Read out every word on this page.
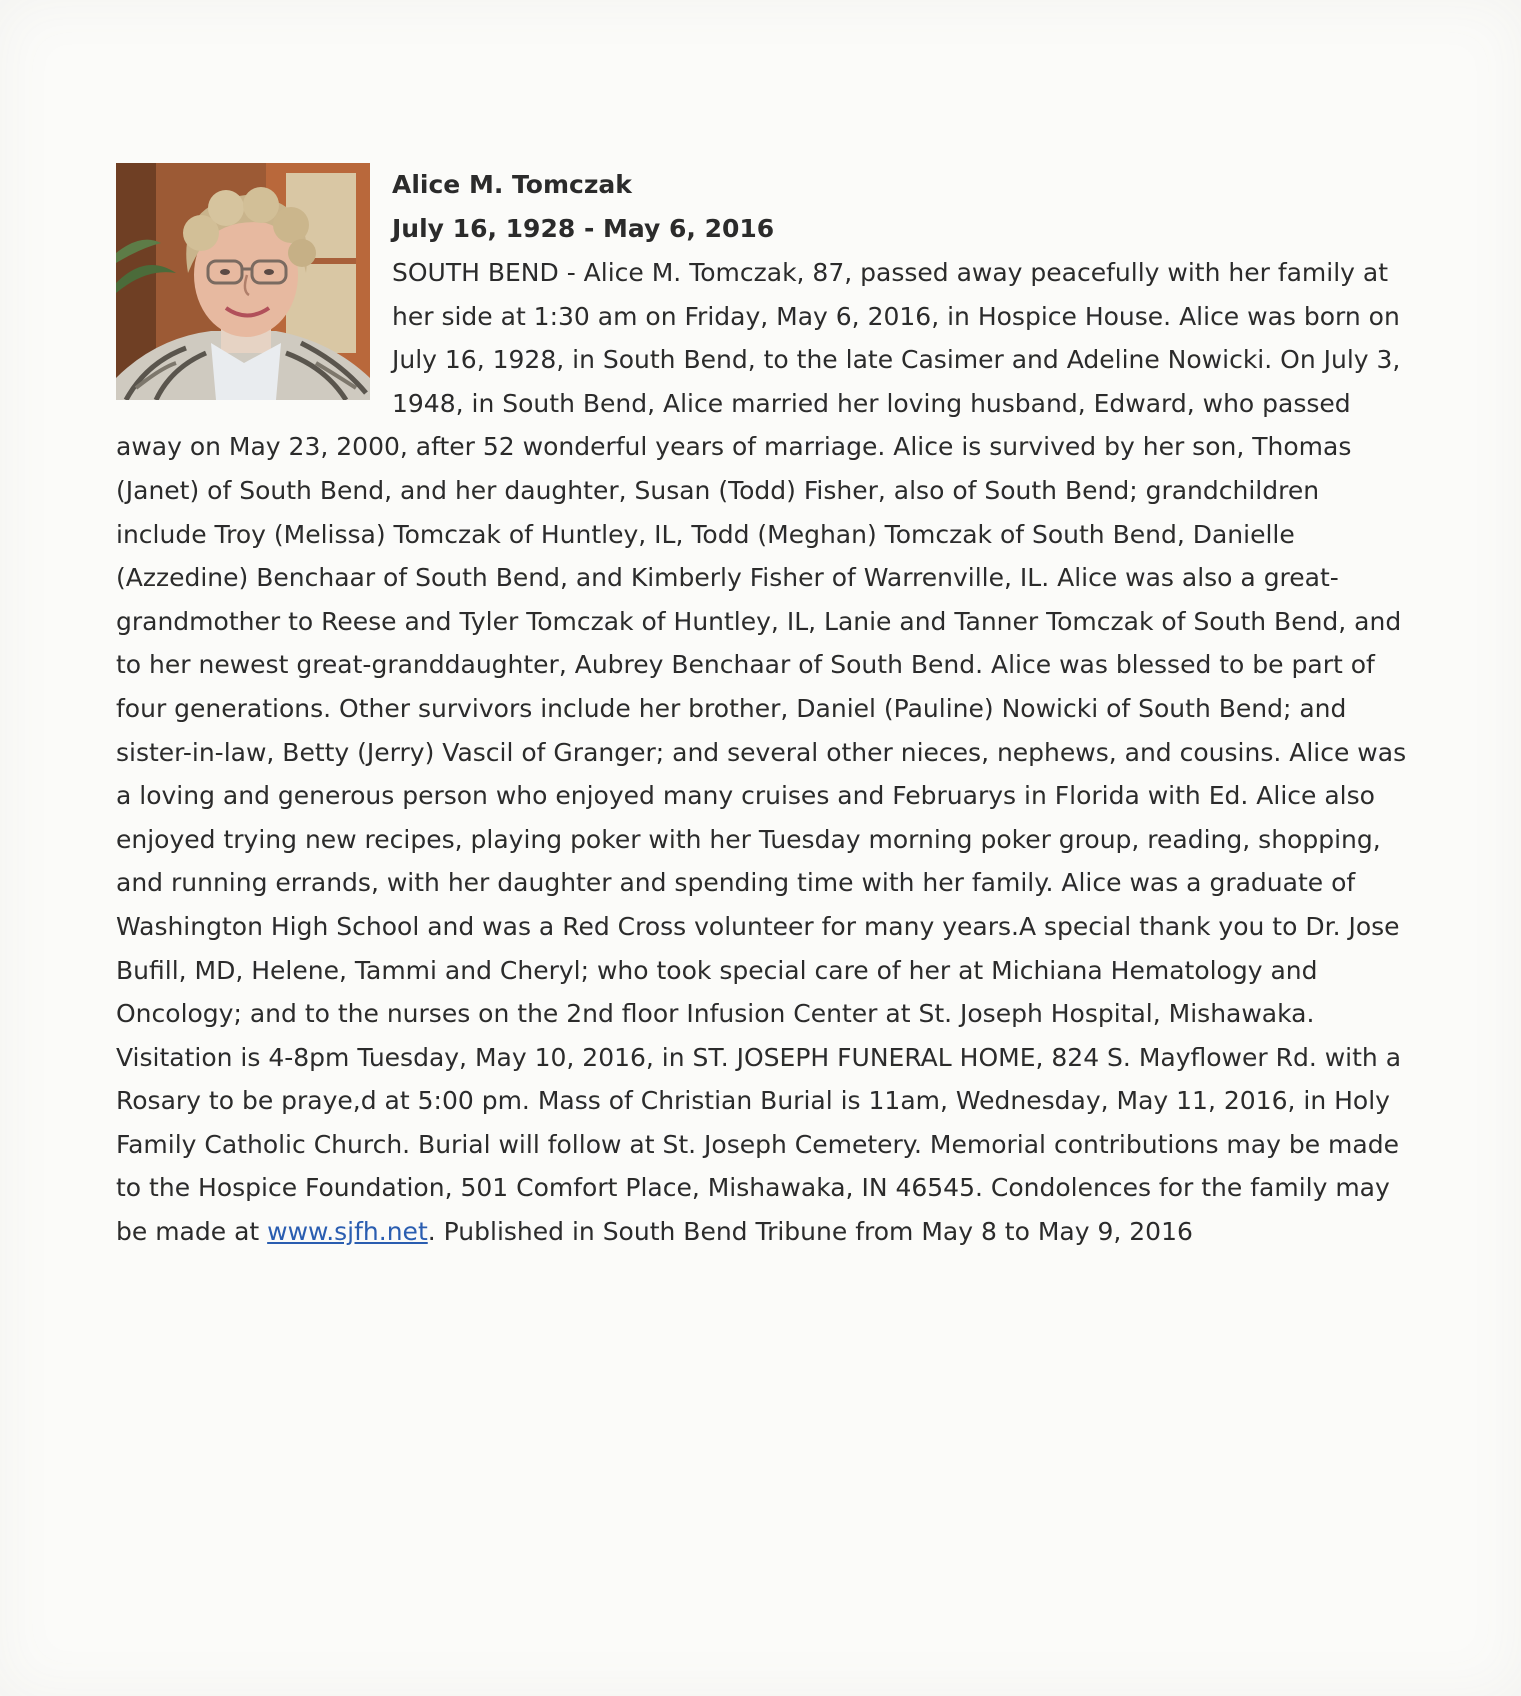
Alice M. Tomczak
July 16, 1928 - May 6, 2016
SOUTH BEND - Alice M. Tomczak, 87, passed away peacefully with her family at her side at 1:30 am on Friday, May 6, 2016, in Hospice House. Alice was born on July 16, 1928, in South Bend, to the late Casimer and Adeline Nowicki. On July 3, 1948, in South Bend, Alice married her loving husband, Edward, who passed away on May 23, 2000, after 52 wonderful years of marriage. Alice is survived by her son, Thomas (Janet) of South Bend, and her daughter, Susan (Todd) Fisher, also of South Bend; grandchildren include Troy (Melissa) Tomczak of Huntley, IL, Todd (Meghan) Tomczak of South Bend, Danielle (Azzedine) Benchaar of South Bend, and Kimberly Fisher of Warrenville, IL. Alice was also a great-grandmother to Reese and Tyler Tomczak of Huntley, IL, Lanie and Tanner Tomczak of South Bend, and to her newest great-granddaughter, Aubrey Benchaar of South Bend. Alice was blessed to be part of four generations. Other survivors include her brother, Daniel (Pauline) Nowicki of South Bend; and sister-in-law, Betty (Jerry) Vascil of Granger; and several other nieces, nephews, and cousins. Alice was a loving and generous person who enjoyed many cruises and Februarys in Florida with Ed. Alice also enjoyed trying new recipes, playing poker with her Tuesday morning poker group, reading, shopping, and running errands, with her daughter and spending time with her family. Alice was a graduate of Washington High School and was a Red Cross volunteer for many years.A special thank you to Dr. Jose Bufill, MD, Helene, Tammi and Cheryl; who took special care of her at Michiana Hematology and Oncology; and to the nurses on the 2nd floor Infusion Center at St. Joseph Hospital, Mishawaka. Visitation is 4-8pm Tuesday, May 10, 2016, in ST. JOSEPH FUNERAL HOME, 824 S. Mayflower Rd. with a Rosary to be praye,d at 5:00 pm. Mass of Christian Burial is 11am, Wednesday, May 11, 2016, in Holy Family Catholic Church. Burial will follow at St. Joseph Cemetery. Memorial contributions may be made to the Hospice Foundation, 501 Comfort Place, Mishawaka, IN 46545. Condolences for the family may be made at www.sjfh.net. Published in South Bend Tribune from May 8 to May 9, 2016
